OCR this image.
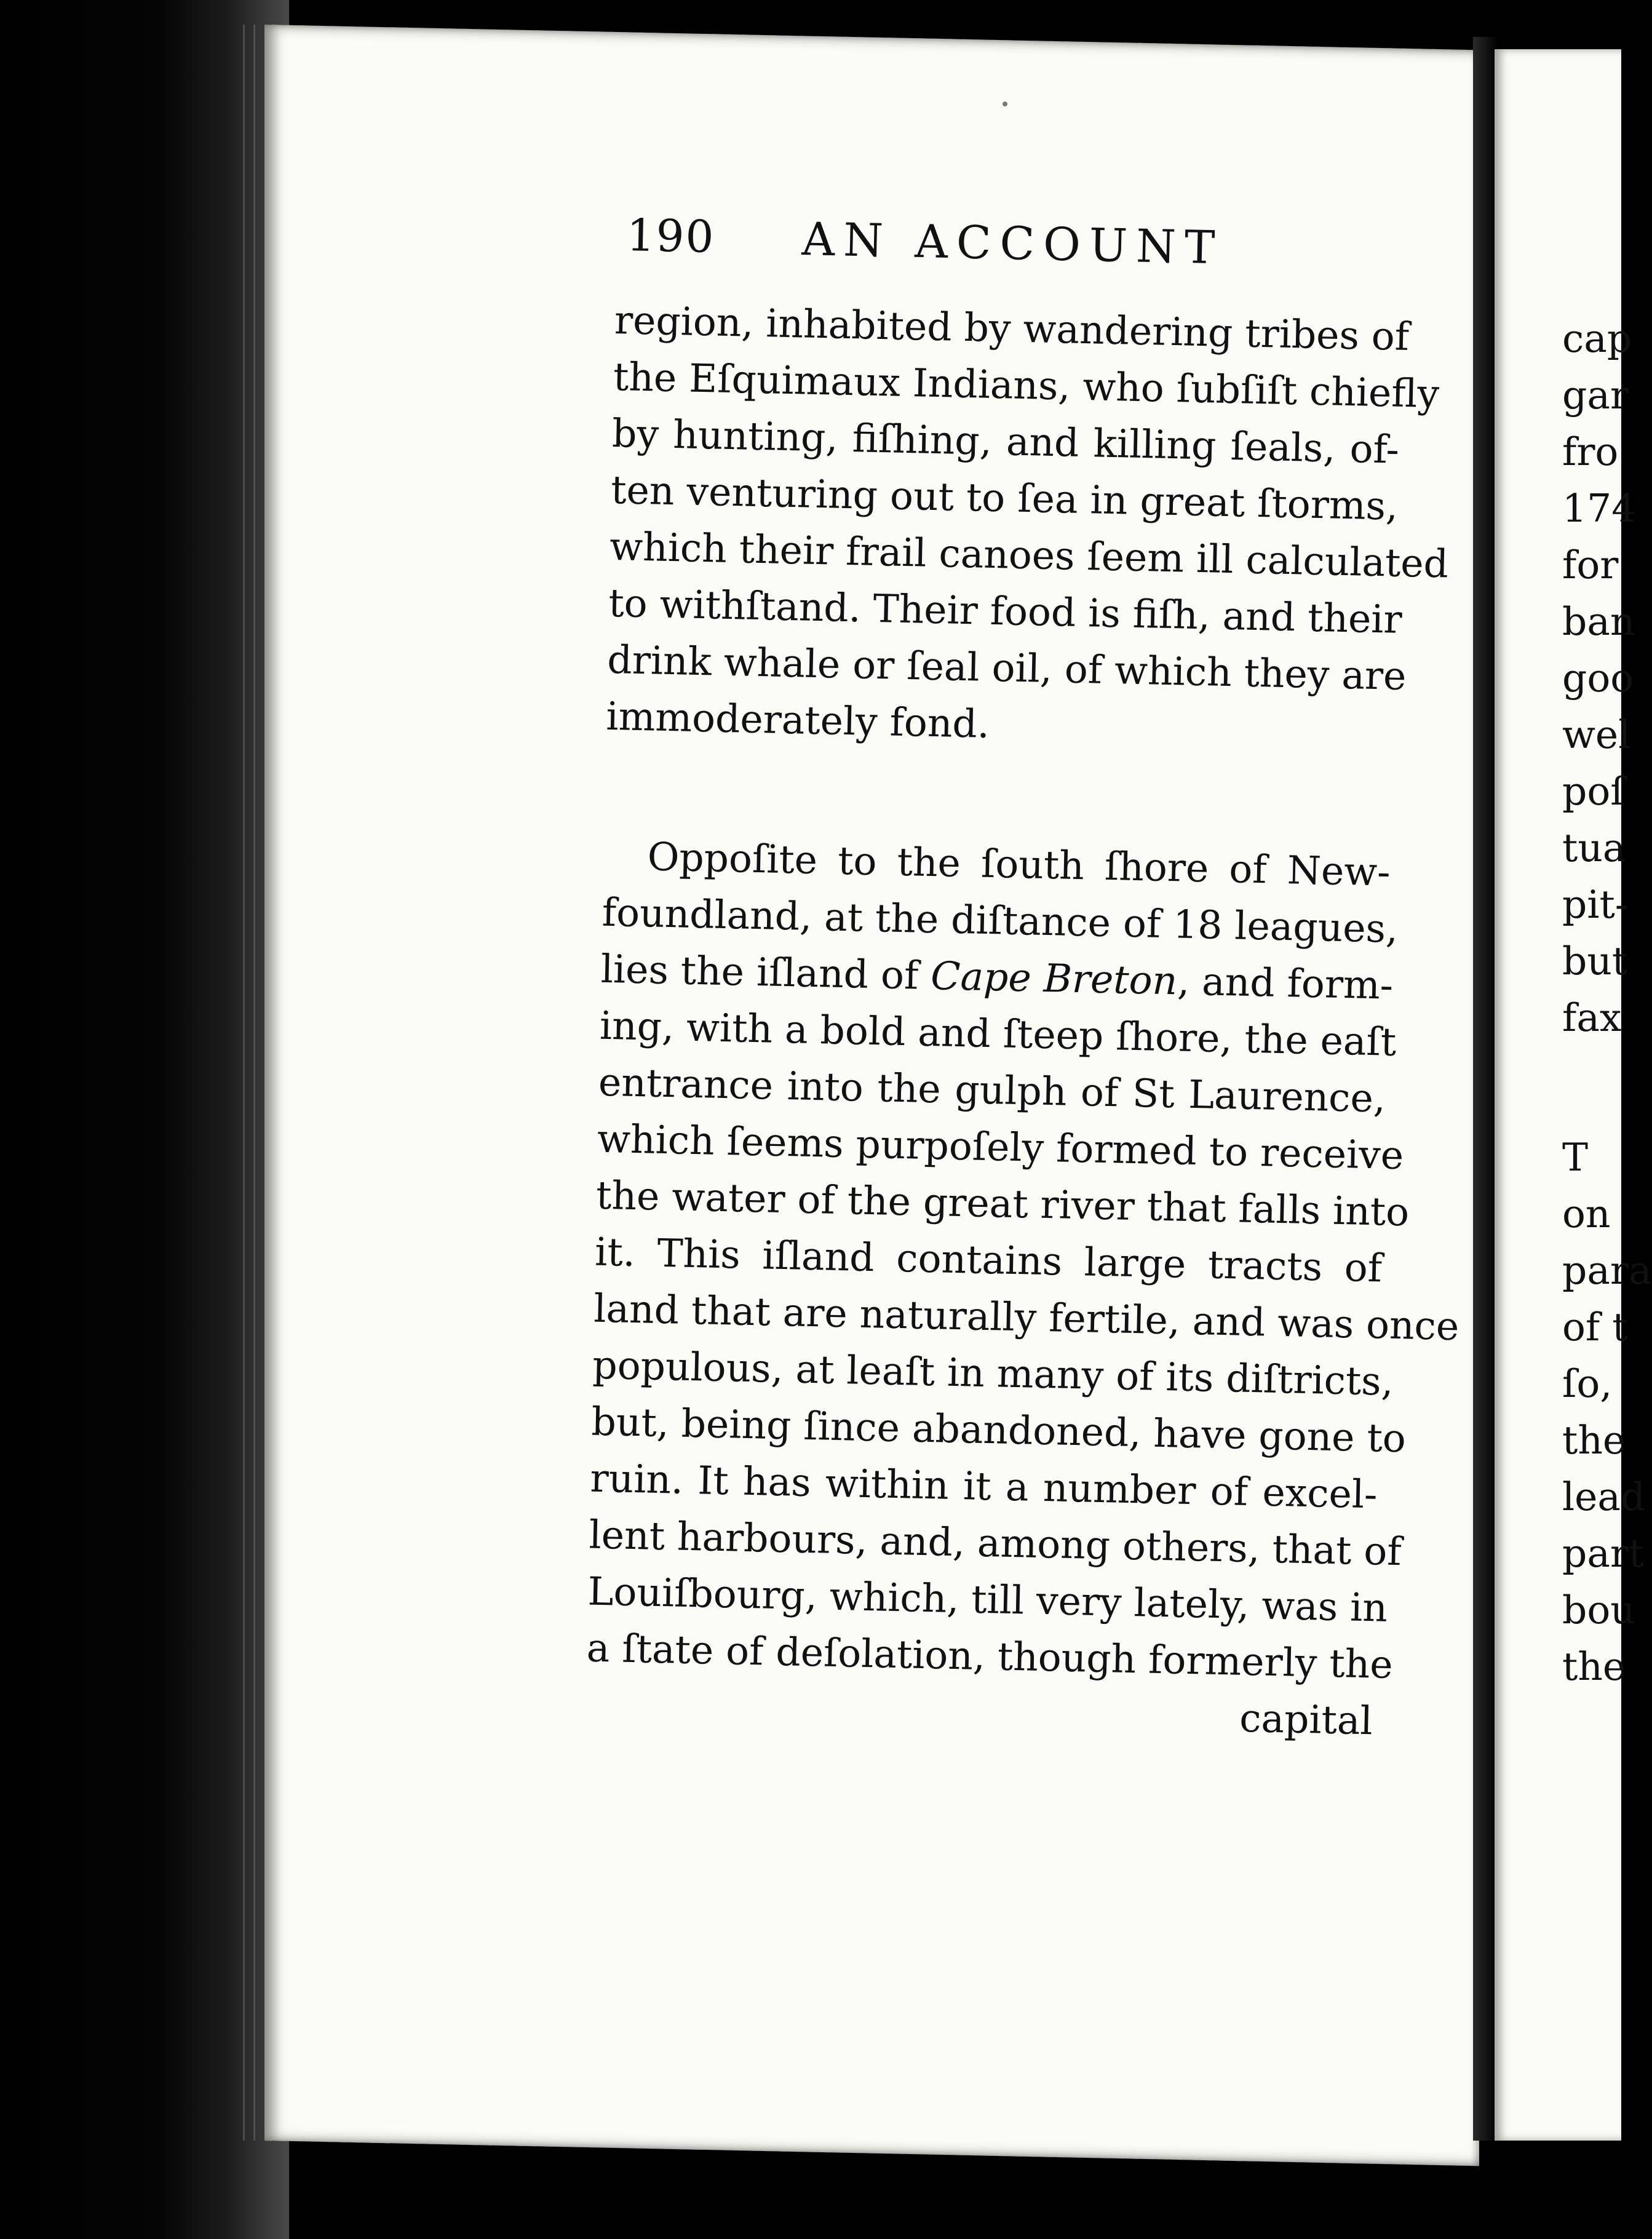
190 AN ACCOUNT
region, inhabited by wandering tribes of
the Eſquimaux Indians, who ſubſiſt chiefly
by hunting, fiſhing, and killing ſeals, of-
ten venturing out to ſea in great ſtorms,
which their frail canoes ſeem ill calculated
to withſtand. Their food is fiſh, and their
drink whale or ſeal oil, of which they are
immoderately fond.
Oppoſite to the ſouth ſhore of New-
foundland, at the diſtance of 18 leagues,
lies the iſland of Cape Breton, and form-
ing, with a bold and ſteep ſhore, the eaſt
entrance into the gulph of St Laurence,
which ſeems purpoſely formed to receive
the water of the great river that falls into
it. This iſland contains large tracts of
land that are naturally fertile, and was once
populous, at leaſt in many of its diſtricts,
but, being ſince abandoned, have gone to
ruin. It has within it a number of excel-
lent harbours, and, among others, that of
Louiſbourg, which, till very lately, was in
a ſtate of deſolation, though formerly the
capital
cap
gar
fro
174
for
ban
goo
wel
poſ
tua
pit-
but
fax
T
on
para
of t
ſo,
the
lead
part
bou
the
